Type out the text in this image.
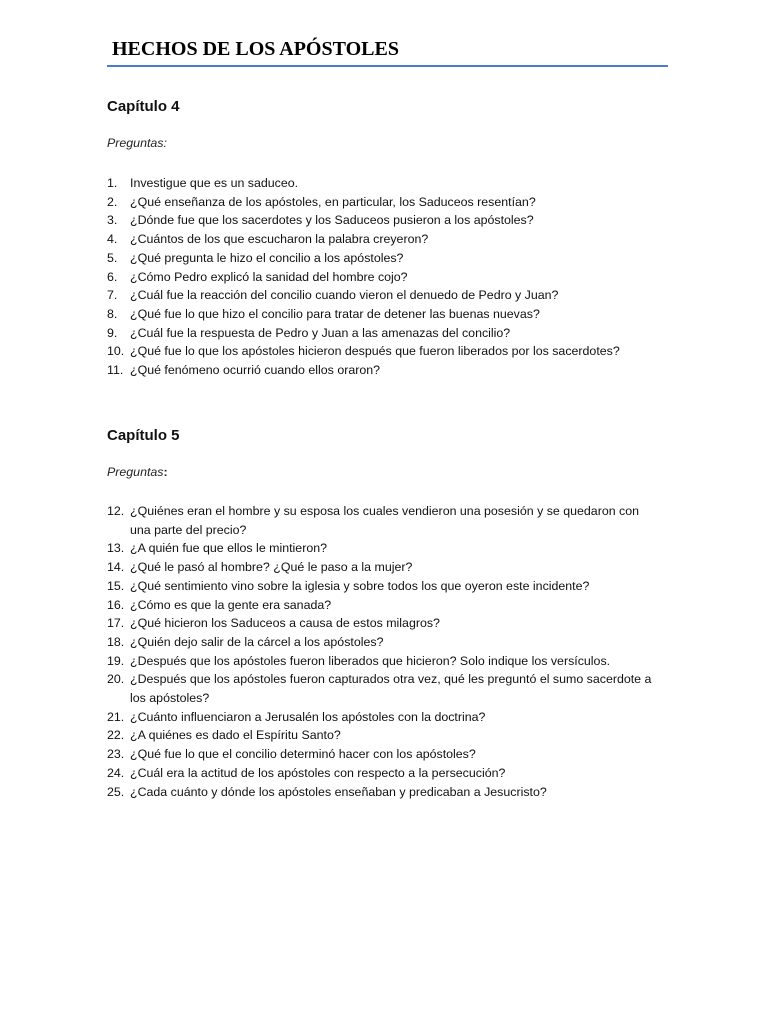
HECHOS DE LOS APÓSTOLES
Capítulo 4
Preguntas:
1.	Investigue que es un saduceo.
2.	¿Qué enseñanza de los apóstoles, en particular, los Saduceos resentían?
3.	¿Dónde fue que los sacerdotes y los Saduceos pusieron a los apóstoles?
4.	¿Cuántos de los que escucharon la palabra creyeron?
5.	¿Qué pregunta le hizo el concilio a los apóstoles?
6.	¿Cómo Pedro explicó la sanidad del hombre cojo?
7.	¿Cuál fue la reacción del concilio cuando vieron el denuedo de Pedro y Juan?
8.	¿Qué fue lo que hizo el concilio para tratar de detener las buenas nuevas?
9.	¿Cuál fue la respuesta de Pedro y Juan a las amenazas del concilio?
10. ¿Qué fue lo que los apóstoles hicieron después que fueron liberados por los sacerdotes?
11. ¿Qué fenómeno ocurrió cuando ellos oraron?
Capítulo 5
Preguntas:
12. ¿Quiénes eran el hombre y su esposa los cuales vendieron una posesión y se quedaron con una parte del precio?
13. ¿A quién fue que ellos le mintieron?
14. ¿Qué le pasó al hombre? ¿Qué le paso a la mujer?
15. ¿Qué sentimiento vino sobre la iglesia y sobre todos los que oyeron este incidente?
16. ¿Cómo es que la gente era sanada?
17. ¿Qué hicieron los Saduceos a causa de estos milagros?
18. ¿Quién dejo salir de la cárcel a los apóstoles?
19. ¿Después que los apóstoles fueron liberados que hicieron? Solo indique los versículos.
20. ¿Después que los apóstoles fueron capturados otra vez, qué les preguntó el sumo sacerdote a los apóstoles?
21. ¿Cuánto influenciaron a Jerusalén los apóstoles con la doctrina?
22. ¿A quiénes es dado el Espíritu Santo?
23. ¿Qué fue lo que el concilio determinó hacer con los apóstoles?
24. ¿Cuál era la actitud de los apóstoles con respecto a la persecución?
25. ¿Cada cuánto y dónde los apóstoles enseñaban y predicaban a Jesucristo?
